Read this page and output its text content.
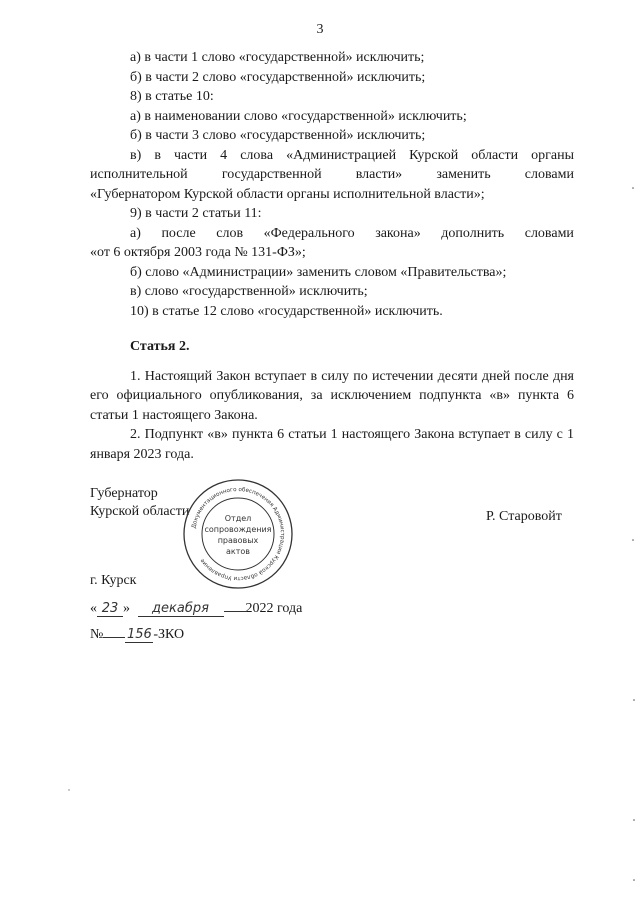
3
а) в части 1 слово «государственной» исключить;
б) в части 2 слово «государственной» исключить;
8) в статье 10:
а) в наименовании слово «государственной» исключить;
б) в части 3 слово «государственной» исключить;
в) в части 4 слова «Администрацией Курской области органы
исполнительной государственной власти» заменить словами
«Губернатором Курской области органы исполнительной власти»;
9) в части 2 статьи 11:
а) после слов «Федерального закона» дополнить словами
«от 6 октября 2003 года № 131-ФЗ»;
б) слово «Администрации» заменить словом «Правительства»;
в) слово «государственной» исключить;
10) в статье 12 слово «государственной» исключить.
Статья 2.
1. Настоящий Закон вступает в силу по истечении десяти дней после дня его официального опубликования, за исключением подпункта «в» пункта 6 статьи 1 настоящего Закона.
2. Подпункт «в» пункта 6 статьи 1 настоящего Закона вступает в силу с 1 января 2023 года.
Губернатор
Курской области	Р. Старовойт
Документационного обеспечения Администрации Курской области Управление
Отдел
сопровождения
правовых
актов
г. Курск
« 23 » декабря	2022 года
№ 156 -ЗКО
